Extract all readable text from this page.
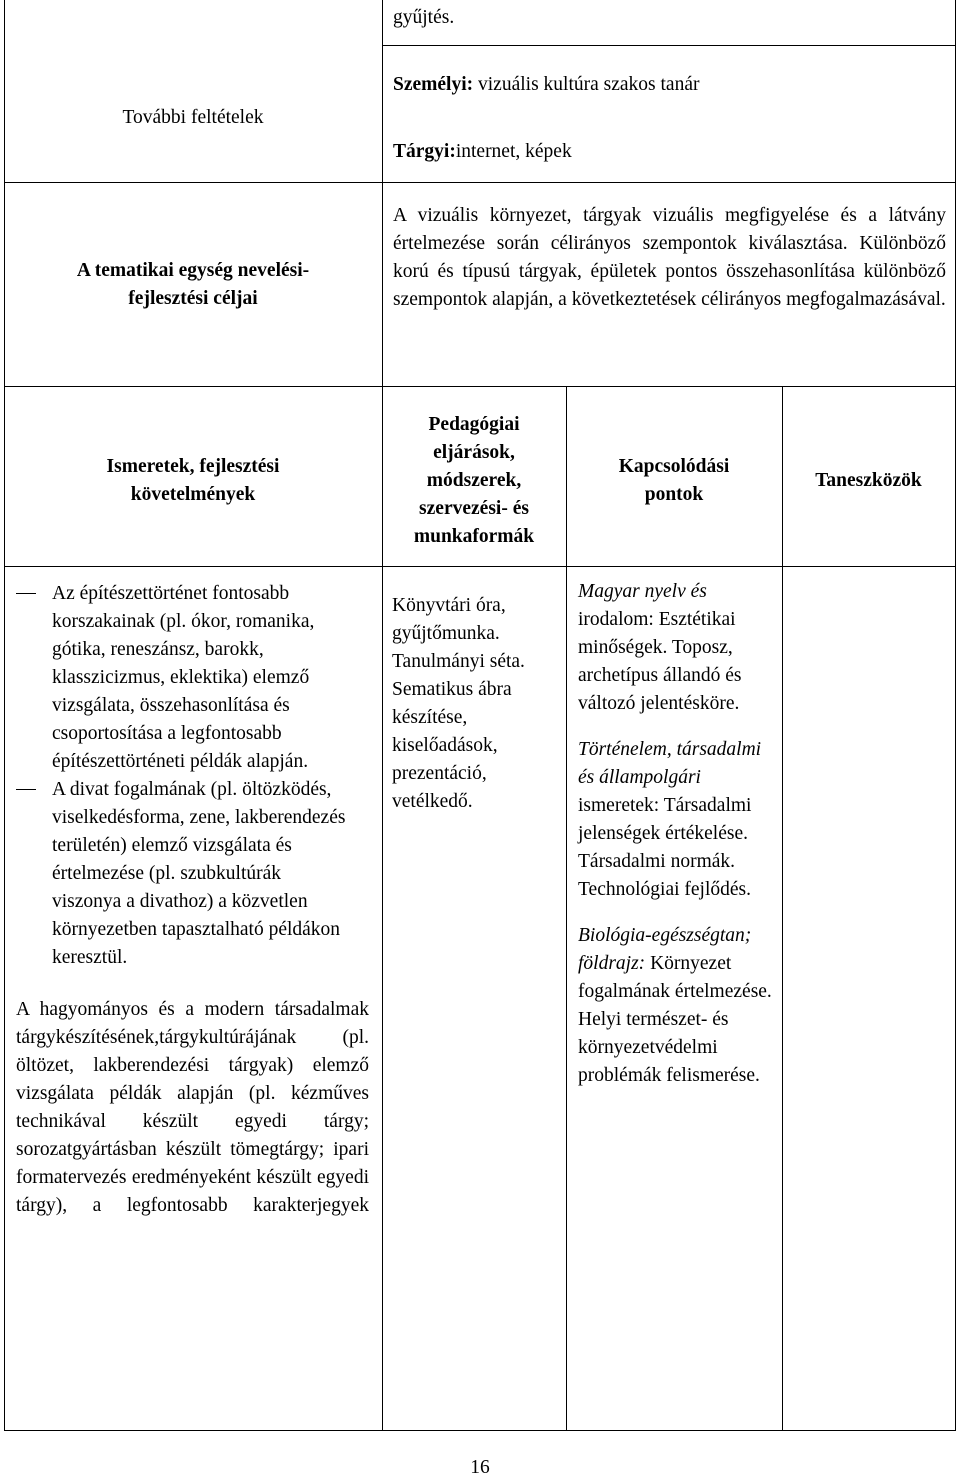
gyűjtés.
További feltételek
Személyi: vizuális kultúra szakos tanár
Tárgyi:internet, képek

A tematikai egység nevelési-

fejlesztési céljai

A vizuális környezet, tárgyak vizuális megfigyelése és a látvány értelmezése során célirányos szempontok kiválasztása. Különböző korú és típusú tárgyak, épületek pontos összehasonlítása különböző szempontok alapján, a következtetések célirányos megfogalmazásával.

Ismeretek, fejlesztési

követelmények

Pedagógiai

eljárások,

módszerek,

szervezési- és

munkaformák

Kapcsolódási

pontok

Taneszközök

Az építészettörténet fontosabb korszakainak (pl. ókor, romanika, gótika, reneszánsz, barokk, klasszicizmus, eklektika) elemző vizsgálata, összehasonlítása és csoportosítása a legfontosabb építészettörténeti példák alapján.
A divat fogalmának (pl. öltözködés, viselkedésforma, zene, lakberendezés területén) elemző vizsgálata és értelmezése (pl. szubkultúrák viszonya a divathoz) a közvetlen környezetben tapasztalható példákon keresztül.

A hagyományos és a modern társadalmak tárgykészítésének,tárgykultúrájának (pl. öltözet, lakberendezési tárgyak) elemző vizsgálata példák alapján (pl. kézműves technikával készült egyedi tárgy; sorozatgyártásban készült tömegtárgy; ipari formatervezés eredményeként készült egyedi tárgy), a legfontosabb karakterjegyek

Könyvtári óra, gyűjtőmunka. Tanulmányi séta. Sematikus ábra készítése, kiselőadások, prezentáció, vetélkedő.

Magyar nyelv és irodalom: Esztétikai minőségek. Toposz, archetípus állandó és változó jelentésköre.

Történelem, társadalmi és állampolgári ismeretek: Társadalmi jelenségek értékelése. Társadalmi normák. Technológiai fejlődés.

Biológia-egészségtan; földrajz: Környezet fogalmának értelmezése. Helyi természet- és környezetvédelmi problémák felismerése.

16
